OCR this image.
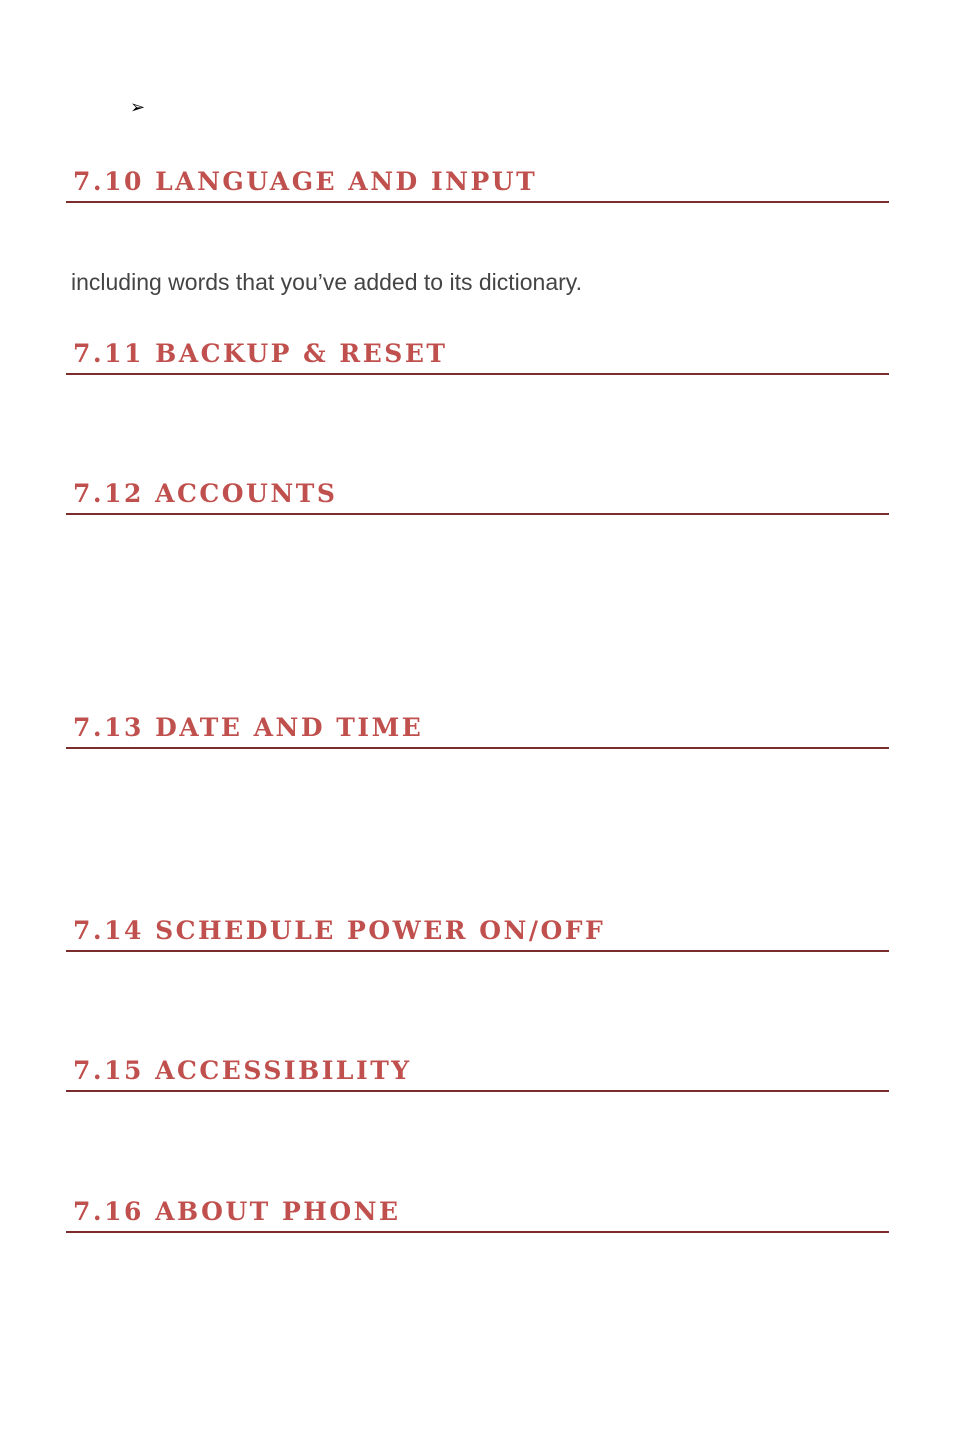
➢
7.10 LANGUAGE AND INPUT
including words that you’ve added to its dictionary.
7.11 BACKUP & RESET
7.12 ACCOUNTS
7.13 DATE AND TIME
7.14 SCHEDULE POWER ON/OFF
7.15 ACCESSIBILITY
7.16 ABOUT PHONE
